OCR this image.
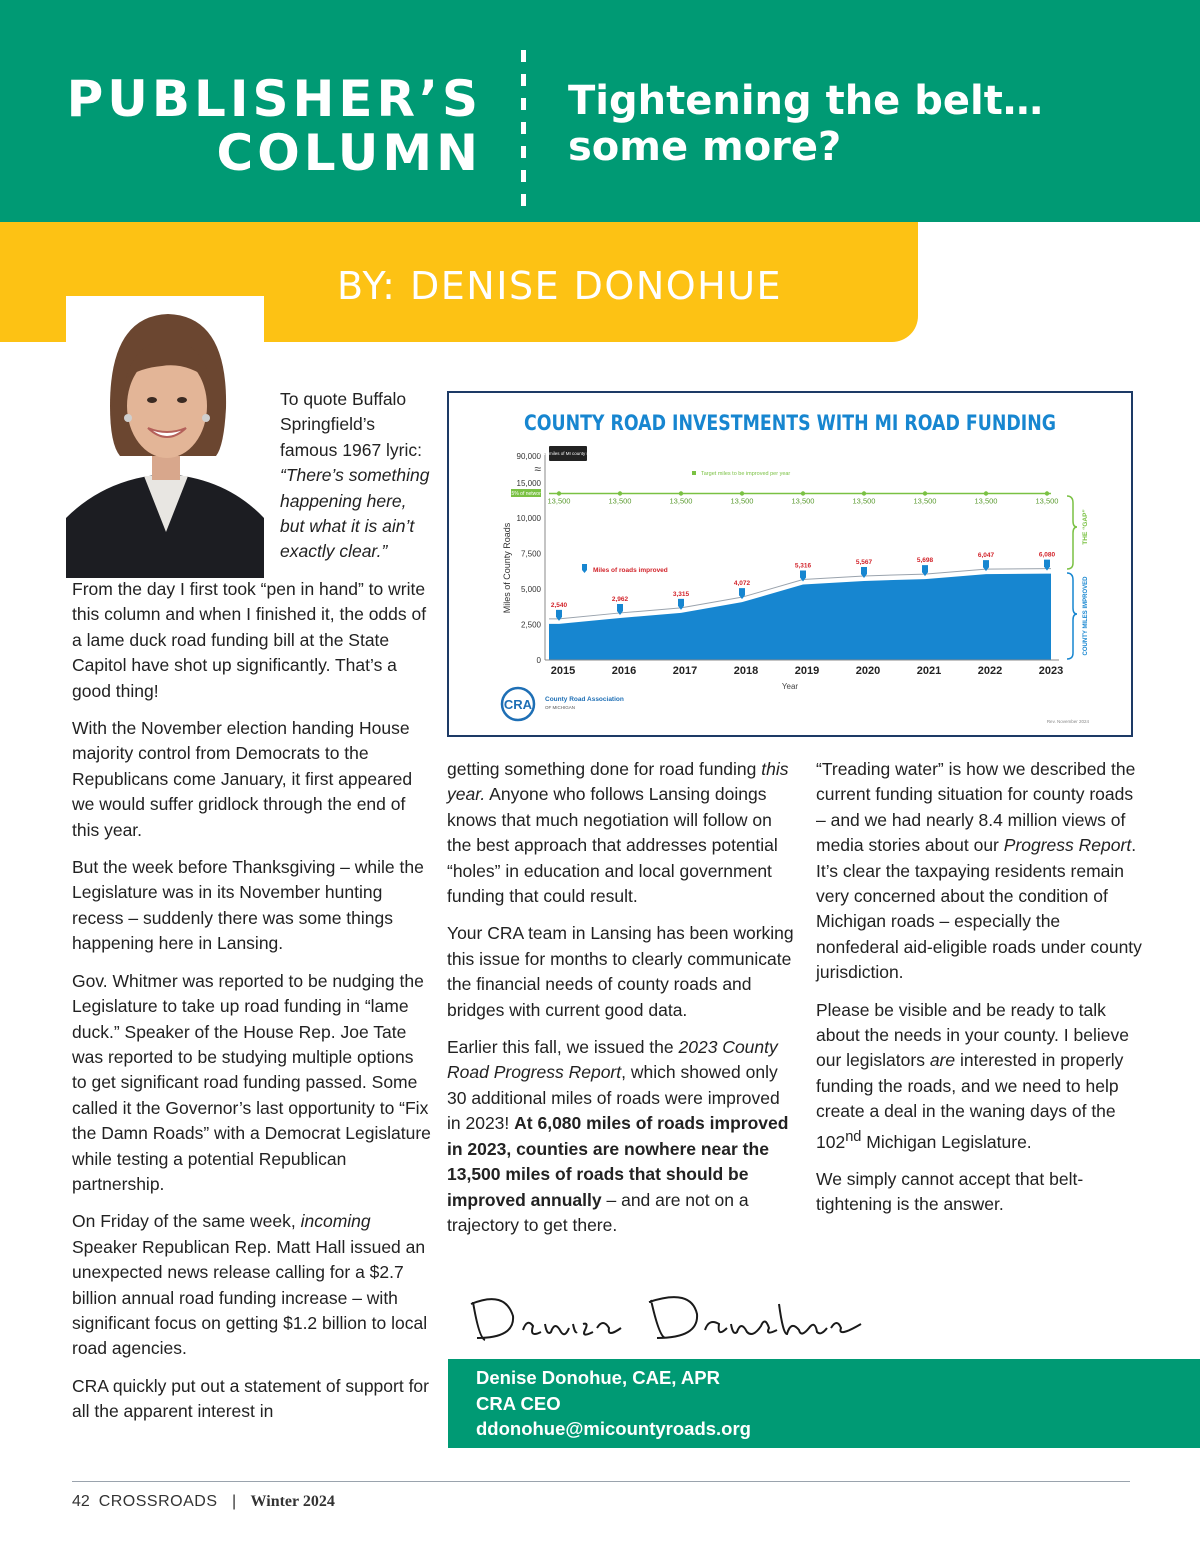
PUBLISHER’S
COLUMN
Tightening the belt…
some more?
BY: DENISE DONOHUE
To quote Buffalo Springfield’s famous 1967 lyric: “There’s something happening here, but what it is ain’t exactly clear.”

From the day I first took “pen in hand” to write this column and when I finished it, the odds of a lame duck road funding bill at the State Capitol have shot up significantly. That’s a good thing!

With the November election handing House majority control from Democrats to the Republicans come January, it first appeared we would suffer gridlock through the end of this year.

But the week before Thanksgiving – while the Legislature was in its November hunting recess – suddenly there was some things happening here in Lansing.

Gov. Whitmer was reported to be nudging the Legislature to take up road funding in “lame duck.” Speaker of the House Rep. Joe Tate was reported to be studying multiple options to get significant road funding passed. Some called it the Governor’s last opportunity to “Fix the Damn Roads” with a Democrat Legislature while testing a potential Republican partnership.

On Friday of the same week, incoming Speaker Republican Rep. Matt Hall issued an unexpected news release calling for a $2.7 billion annual road funding increase – with significant focus on getting $1.2 billion to local road agencies.

CRA quickly put out a statement of support for all the apparent interest in

COUNTY ROAD INVESTMENTS WITH MI ROAD FUNDING
0
2,500
5,000
7,500
10,000
15,000
90,000
≈
Miles of County Roads
Total miles of MI county roads
15% of network
Target miles to be improved per year
13,500	13,500	13,500	13,500	13,500	13,500	13,500	13,500	13,500
2,540
2,962
3,315
4,072
5,316
5,567	5,698
6,047	6,080
Miles of roads improved
2015	2016	2017	2018	2019	2020	2021	2022	2023
Year
THE “GAP”
COUNTY MILES IMPROVED
CRA County Road Association
OF MICHIGAN
Rev. November 2024

getting something done for road funding this year. Anyone who follows Lansing doings knows that much negotiation will follow on the best approach that addresses potential “holes” in education and local government funding that could result.

Your CRA team in Lansing has been working this issue for months to clearly communicate the financial needs of county roads and bridges with current good data.

Earlier this fall, we issued the 2023 County Road Progress Report, which showed only 30 additional miles of roads were improved in 2023! At 6,080 miles of roads improved in 2023, counties are nowhere near the 13,500 miles of roads that should be improved annually – and are not on a trajectory to get there.

“Treading water” is how we described the current funding situation for county roads – and we had nearly 8.4 million views of media stories about our Progress Report. It’s clear the taxpaying residents remain very concerned about the condition of Michigan roads – especially the nonfederal aid-eligible roads under county jurisdiction.

Please be visible and be ready to talk about the needs in your county. I believe our legislators are interested in properly funding the roads, and we need to help create a deal in the waning days of the 102nd Michigan Legislature.

We simply cannot accept that belt-tightening is the answer.

Denise Donohue, CAE, APR
CRA CEO
ddonohue@micountyroads.org
42 CROSSROADS | Winter 2024
